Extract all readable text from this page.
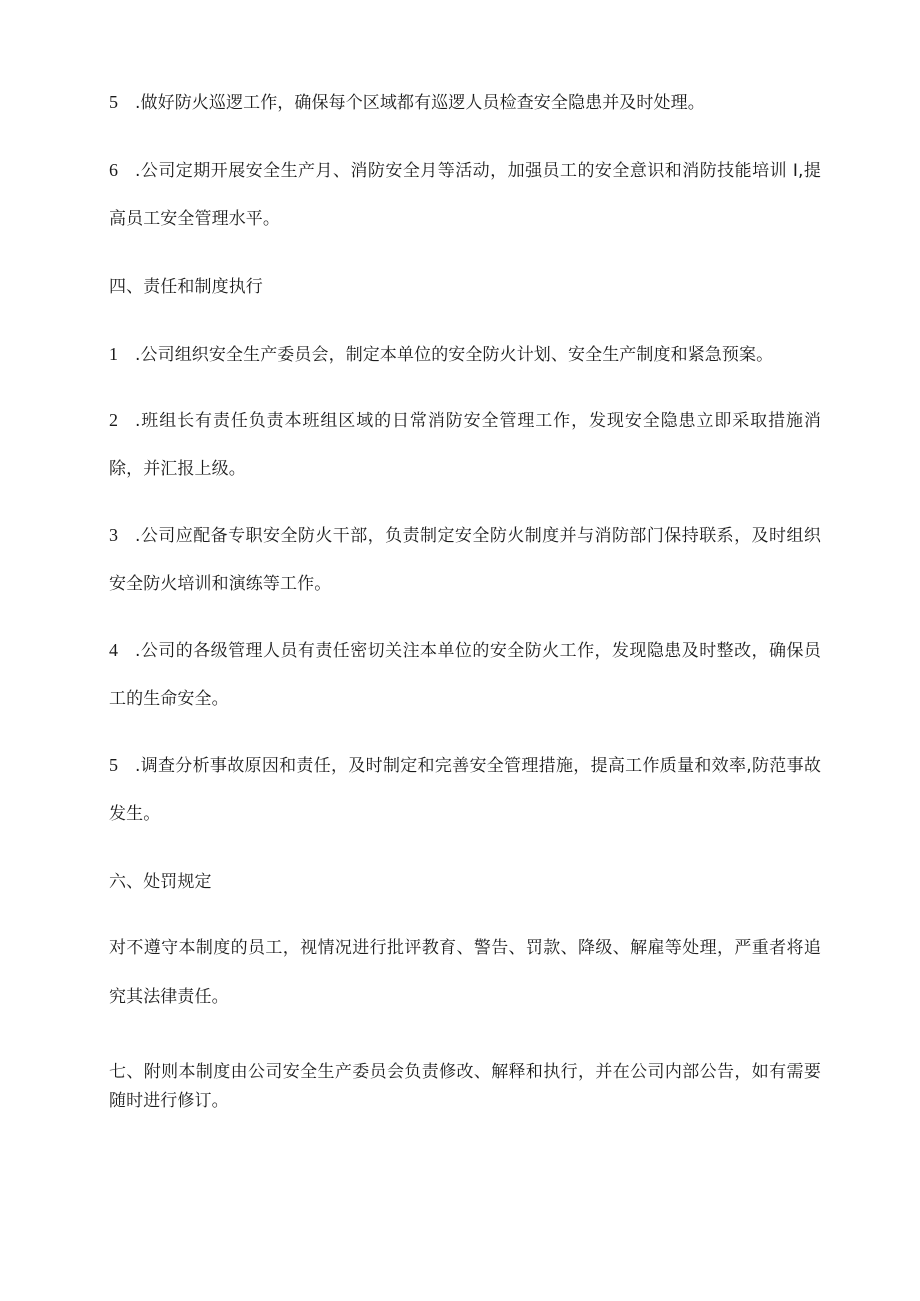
5 .做好防火巡逻工作，确保每个区域都有巡逻人员检查安全隐患并及时处理。
6 .公司定期开展安全生产月、消防安全月等活动，加强员工的安全意识和消防技能培训 I,提
高员工安全管理水平。
四、责任和制度执行
1 .公司组织安全生产委员会，制定本单位的安全防火计划、安全生产制度和紧急预案。
2 .班组长有责任负责本班组区域的日常消防安全管理工作，发现安全隐患立即采取措施消
除，并汇报上级。
3 .公司应配备专职安全防火干部，负责制定安全防火制度并与消防部门保持联系，及时组织
安全防火培训和演练等工作。
4 .公司的各级管理人员有责任密切关注本单位的安全防火工作，发现隐患及时整改，确保员
工的生命安全。
5 .调查分析事故原因和责任，及时制定和完善安全管理措施，提高工作质量和效率,防范事故
发生。
六、处罚规定
对不遵守本制度的员工，视情况进行批评教育、警告、罚款、降级、解雇等处理，严重者将追
究其法律责任。
七、附则本制度由公司安全生产委员会负责修改、解释和执行，并在公司内部公告，如有需要
随时进行修订。
